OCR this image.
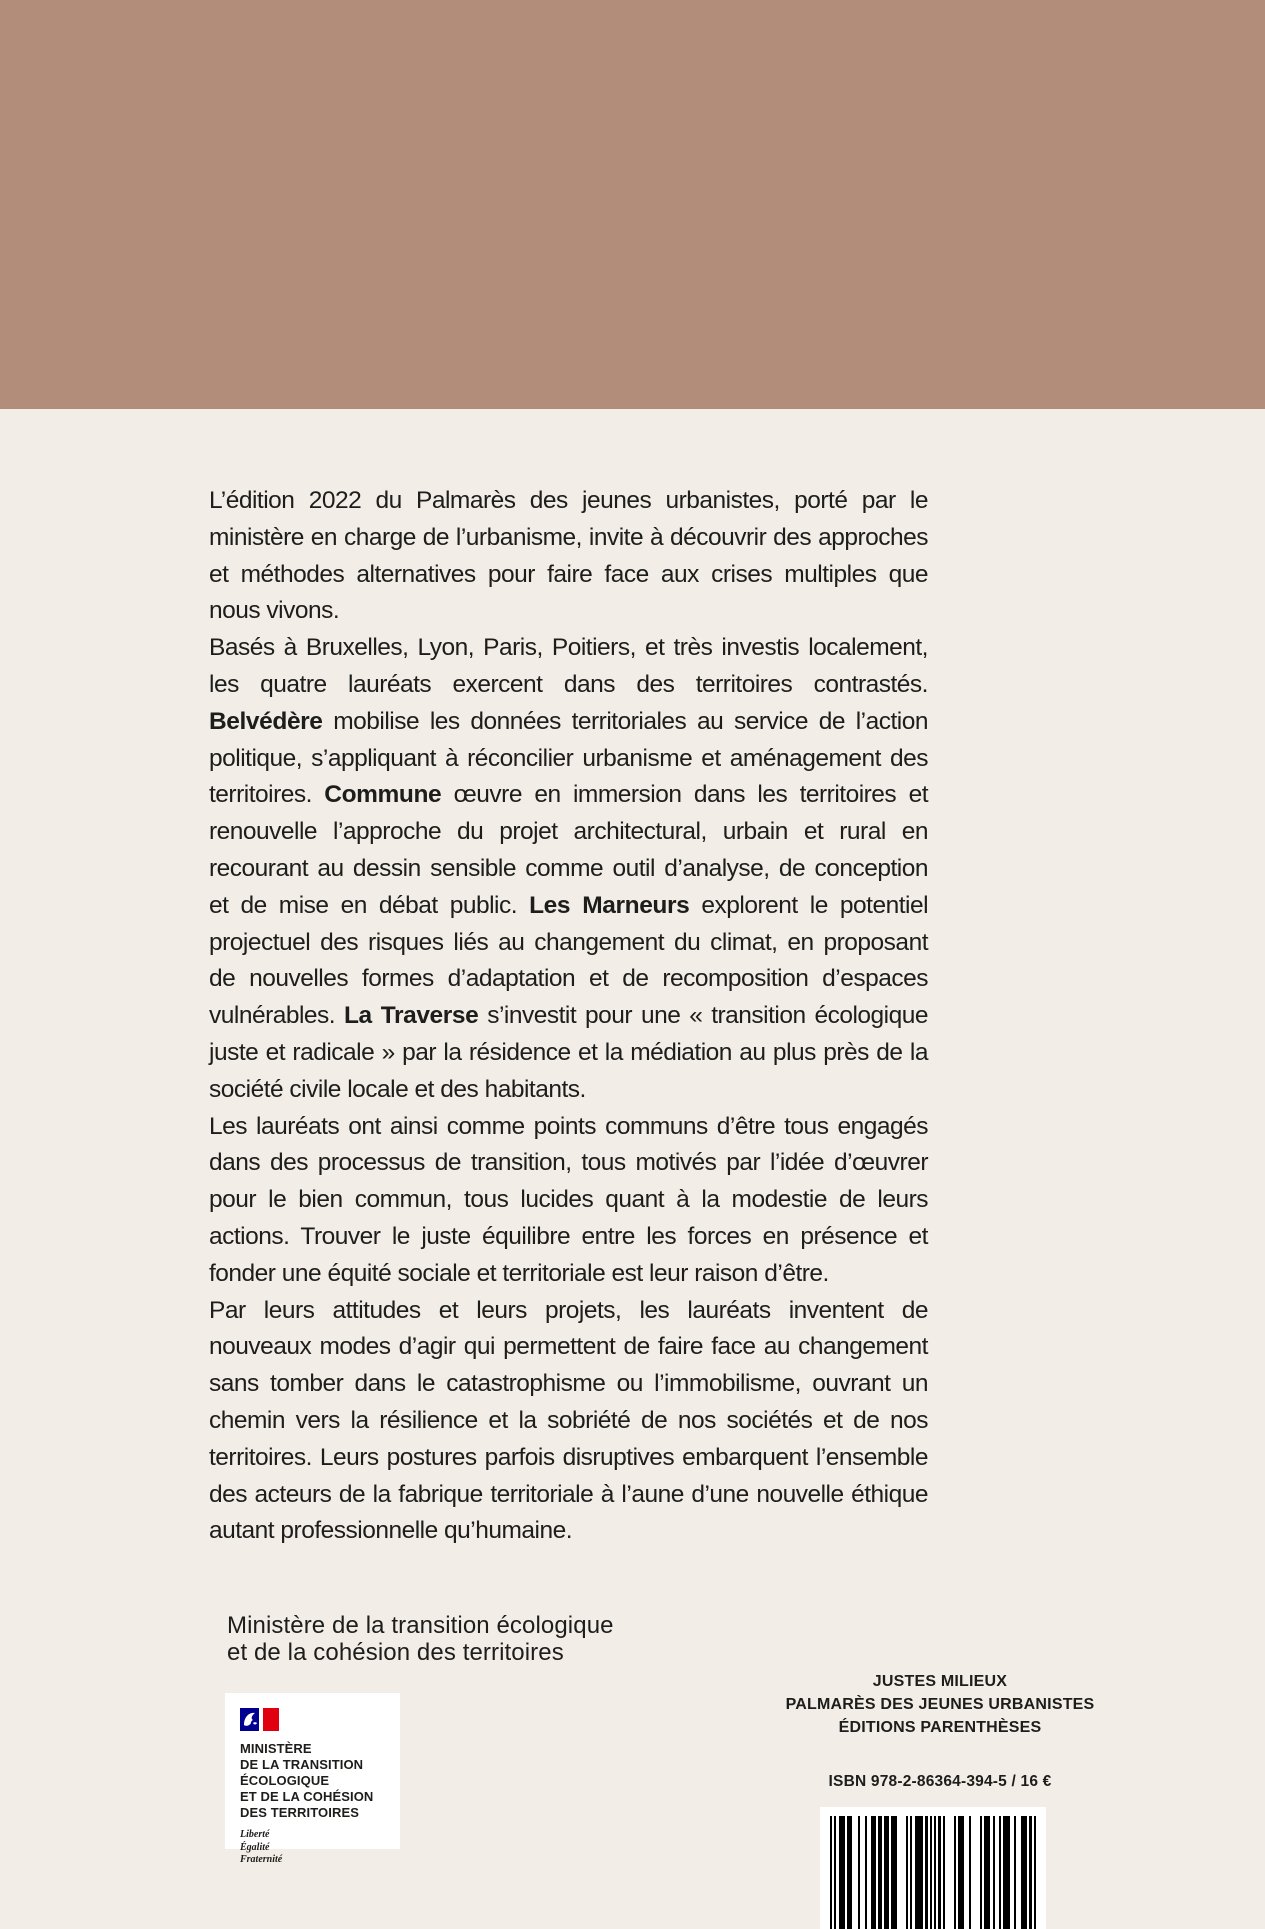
L’édition 2022 du Palmarès des jeunes urbanistes, porté par le ministère en charge de l’urbanisme, invite à découvrir des approches et méthodes alternatives pour faire face aux crises multiples que nous vivons.

Basés à Bruxelles, Lyon, Paris, Poitiers, et très investis localement, les quatre lauréats exercent dans des territoires contrastés. Belvédère mobilise les données territoriales au service de l’action politique, s’appliquant à réconcilier urbanisme et aménagement des territoires. Commune œuvre en immersion dans les territoires et renouvelle l’approche du projet architectural, urbain et rural en recourant au dessin sensible comme outil d’analyse, de conception et de mise en débat public. Les Marneurs explorent le potentiel projectuel des risques liés au changement du climat, en proposant de nouvelles formes d’adaptation et de recomposition d’espaces vulnérables. La Traverse s’investit pour une « transition écologique juste et radicale » par la résidence et la médiation au plus près de la société civile locale et des habitants.

Les lauréats ont ainsi comme points communs d’être tous engagés dans des processus de transition, tous motivés par l’idée d’œuvrer pour le bien commun, tous lucides quant à la modestie de leurs actions. Trouver le juste équilibre entre les forces en présence et fonder une équité sociale et territoriale est leur raison d’être.

Par leurs attitudes et leurs projets, les lauréats inventent de nouveaux modes d’agir qui permettent de faire face au changement sans tomber dans le catastrophisme ou l’immobilisme, ouvrant un chemin vers la résilience et la sobriété de nos sociétés et de nos territoires. Leurs postures parfois disruptives embarquent l’ensemble des acteurs de la fabrique territoriale à l’aune d’une nouvelle éthique autant professionnelle qu’humaine.

Ministère de la transition écologique
et de la cohésion des territoires
MINISTÈRE
DE LA TRANSITION
ÉCOLOGIQUE
ET DE LA COHÉSION
DES TERRITOIRES
Liberté
Égalité
Fraternité
JUSTES MILIEUX
PALMARÈS DES JEUNES URBANISTES
ÉDITIONS PARENTHÈSES
ISBN 978-2-86364-394-5 / 16 €
